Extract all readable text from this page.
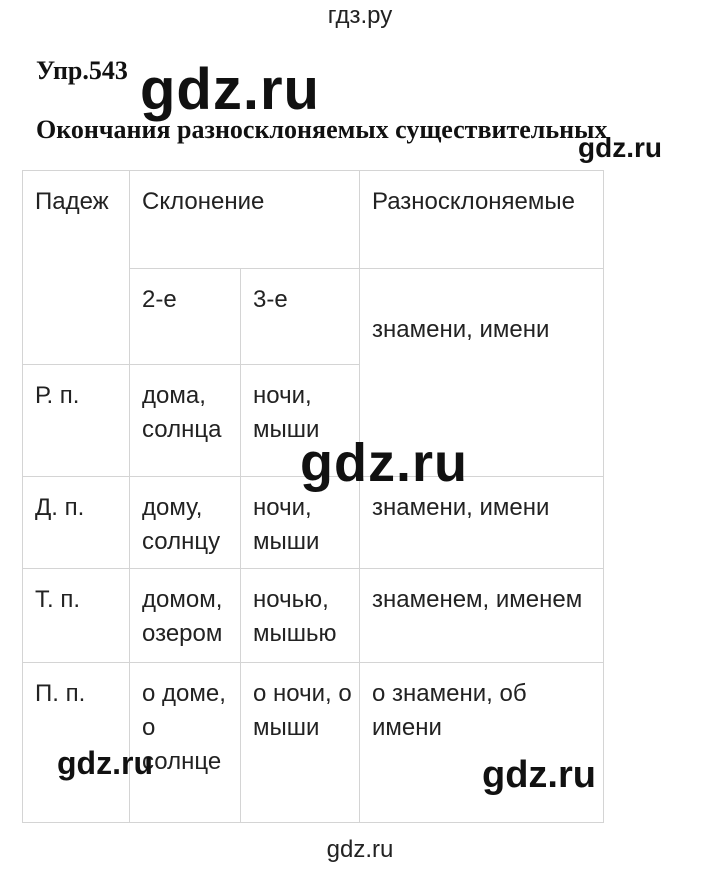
гдз.ру
Упр.543
Окончания разносклоняемых существительных
Падеж	Склонение		Разносклоняемые

	2-е	3-е	знамени, имени

Р. п.	дома, солнца	ночи, мыши	

Д. п.	дому, солнцу	ночи, мыши	знамени, имени

Т. п.	домом, озером	ночью, мышью	знаменем, именем

П. п.	о доме, о солнце	о ночи, о мыши	о знамени, об имени
gdz.ru
gdz.ru
gdz.ru
gdz.ru	gdz.ru
gdz.ru
